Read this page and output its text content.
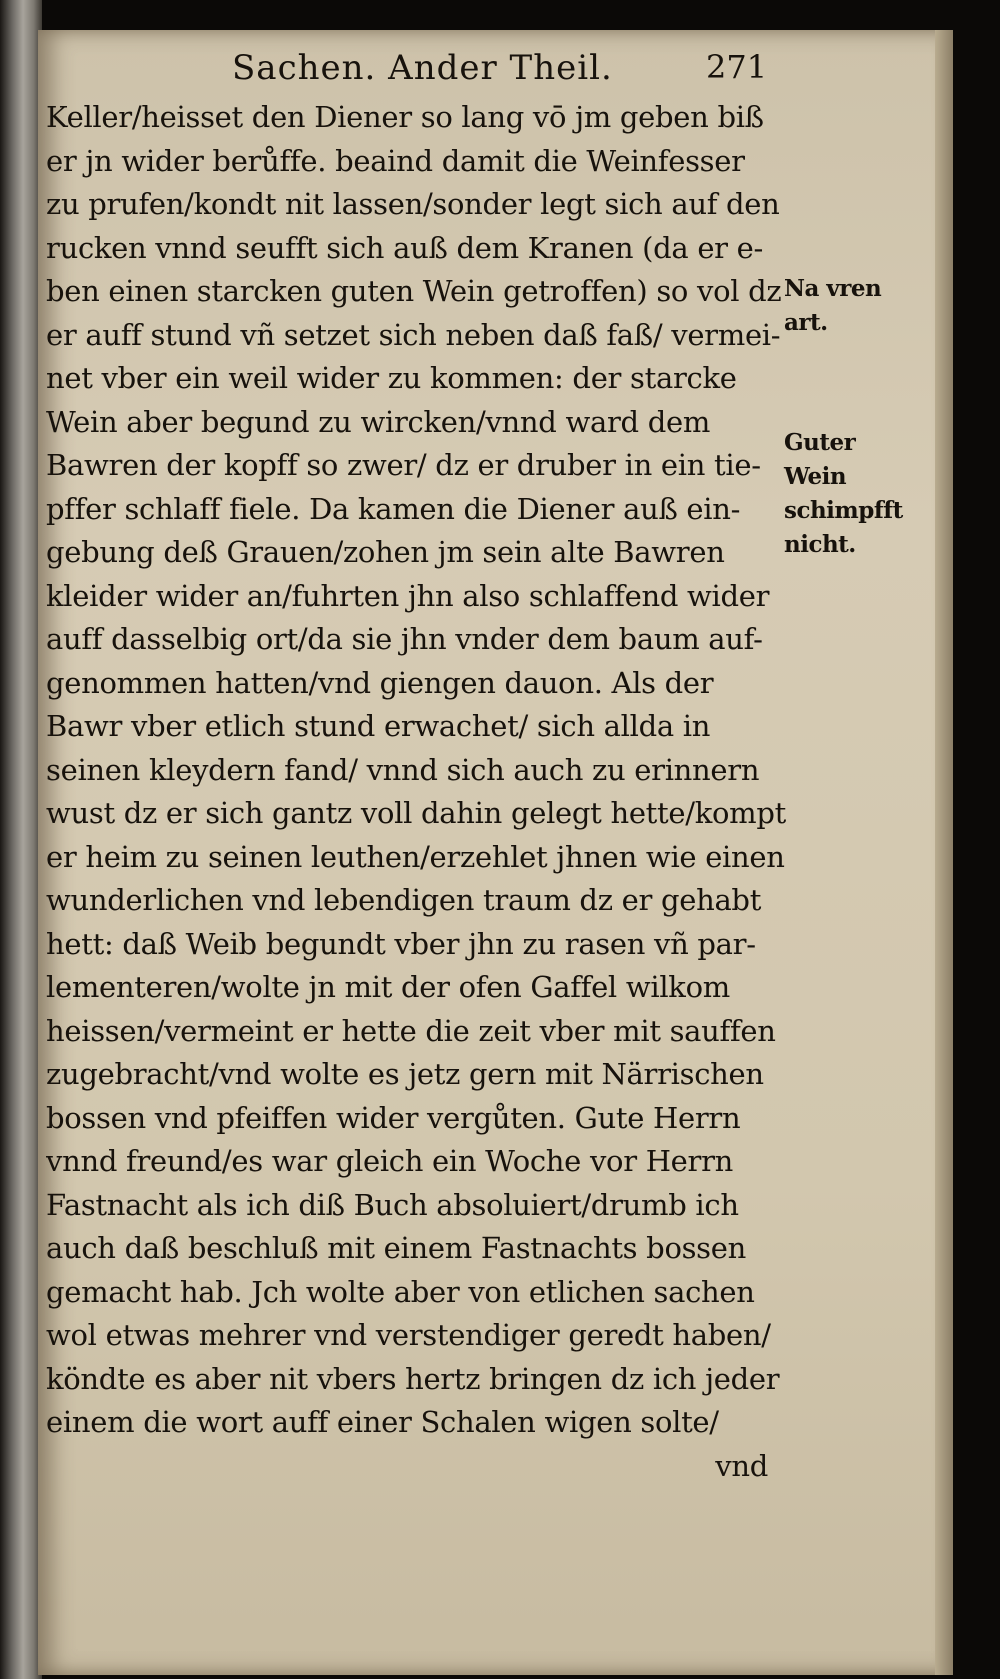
Sachen. Ander Theil.	271
Keller/heisset den Diener so lang vō jm geben biß
er jn wider berůffe. beaind damit die Weinfesser
zu prufen/kondt nit lassen/sonder legt sich auf den
rucken vnnd seufft sich auß dem Kranen (da er e-
ben einen starcken guten Wein getroffen) so vol dz
er auff stund vñ setzet sich neben daß faß/ vermei-
net vber ein weil wider zu kommen: der starcke
Wein aber begund zu wircken/vnnd ward dem
Bawren der kopff so zwer/ dz er druber in ein tie-
pffer schlaff fiele. Da kamen die Diener auß ein-
gebung deß Grauen/zohen jm sein alte Bawren
kleider wider an/fuhrten jhn also schlaffend wider
auff dasselbig ort/da sie jhn vnder dem baum auf-
genommen hatten/vnd giengen dauon. Als der
Bawr vber etlich stund erwachet/ sich allda in
seinen kleydern fand/ vnnd sich auch zu erinnern
wust dz er sich gantz voll dahin gelegt hette/kompt
er heim zu seinen leuthen/erzehlet jhnen wie einen
wunderlichen vnd lebendigen traum dz er gehabt
hett: daß Weib begundt vber jhn zu rasen vñ par-
lementeren/wolte jn mit der ofen Gaffel wilkom
heissen/vermeint er hette die zeit vber mit sauffen
zugebracht/vnd wolte es jetz gern mit Närrischen
bossen vnd pfeiffen wider vergůten. Gute Herrn
vnnd freund/es war gleich ein Woche vor Herrn
Fastnacht als ich diß Buch absoluiert/drumb ich
auch daß beschluß mit einem Fastnachts bossen
gemacht hab. Jch wolte aber von etlichen sachen
wol etwas mehrer vnd verstendiger geredt haben/
köndte es aber nit vbers hertz bringen dz ich jeder
einem die wort auff einer Schalen wigen solte/
vnd
Na vren
art.
Guter
Wein
schimpfft
nicht.
